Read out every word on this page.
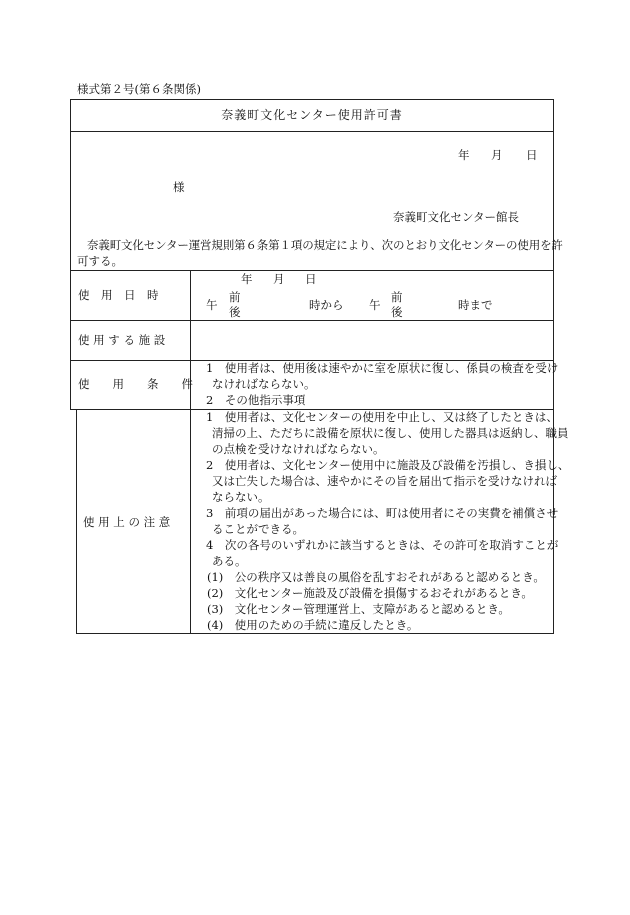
様式第２号(第６条関係)
奈義町文化センター使用許可書
年 月 日
様
奈義町文化センター館長
奈義町文化センター運営規則第６条第１項の規定により、次のとおり文化センターの使用を許
可する。
使　用　日　時
年 月 日
午
前
後	時から 午
前
後	時まで
使 用 す る 施 設
使　　用　　条　　件
1　使用者は、使用後は速やかに室を原状に復し、係員の検査を受け
なければならない。
2　その他指示事項
使 用 上 の 注 意
1　使用者は、文化センターの使用を中止し、又は終了したときは、
清掃の上、ただちに設備を原状に復し、使用した器具は返納し、職員
の点検を受けなければならない。
2　使用者は、文化センター使用中に施設及び設備を汚損し、き損し、
又は亡失した場合は、速やかにその旨を届出て指示を受けなければ
ならない。
3　前項の届出があった場合には、町は使用者にその実費を補償させ
ることができる。
4　次の各号のいずれかに該当するときは、その許可を取消すことが
ある。
(1)　公の秩序又は善良の風俗を乱すおそれがあると認めるとき。
(2)　文化センター施設及び設備を損傷するおそれがあるとき。
(3)　文化センター管理運営上、支障があると認めるとき。
(4)　使用のための手続に違反したとき。
